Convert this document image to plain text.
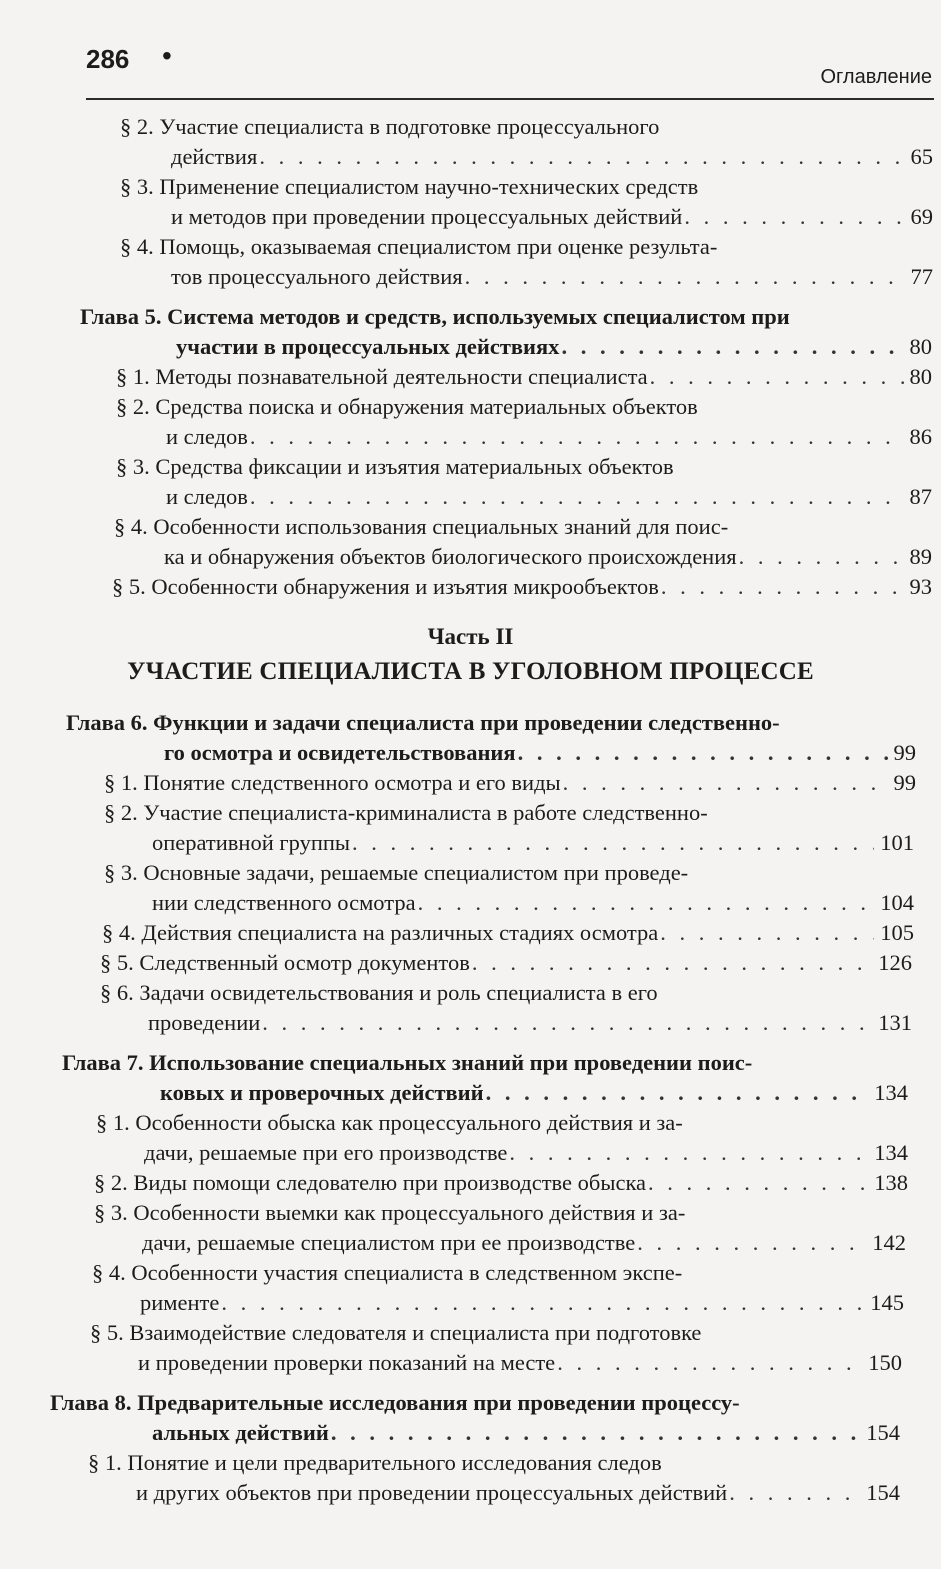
286 •
Оглавление
§ 2. Участие специалиста в подготовке процессуального
действия . . .	65
§ 3. Применение специалистом научно-технических средств
и методов при проведении процессуальных действий . . .	69
§ 4. Помощь, оказываемая специалистом при оценке результа-
тов процессуального действия . . .	77
Глава 5. Система методов и средств, используемых специалистом при
участии в процессуальных действиях . . .	80
§ 1. Методы познавательной деятельности специалиста . . .	80
§ 2. Средства поиска и обнаружения материальных объектов
и следов . . .	86
§ 3. Средства фиксации и изъятия материальных объектов
и следов . . .	87
§ 4. Особенности использования специальных знаний для поис-
ка и обнаружения объектов биологического происхождения . . .	89
§ 5. Особенности обнаружения и изъятия микрообъектов . . .	93
Глава 6. Функции и задачи специалиста при проведении следственно-
го осмотра и освидетельствования . . .	99
§ 1. Понятие следственного осмотра и его виды . . .	99
§ 2. Участие специалиста-криминалиста в работе следственно-
оперативной группы . . .	101
§ 3. Основные задачи, решаемые специалистом при проведе-
нии следственного осмотра . . .	104
§ 4. Действия специалиста на различных стадиях осмотра . . .	105
§ 5. Следственный осмотр документов . . .	126
§ 6. Задачи освидетельствования и роль специалиста в его
проведении . . .	131
Глава 7. Использование специальных знаний при проведении поис-
ковых и проверочных действий . . .	134
§ 1. Особенности обыска как процессуального действия и за-
дачи, решаемые при его производстве . . .	134
§ 2. Виды помощи следователю при производстве обыска . . .	138
§ 3. Особенности выемки как процессуального действия и за-
дачи, решаемые специалистом при ее производстве . . .	142
§ 4. Особенности участия специалиста в следственном экспе-
рименте . . .	145
§ 5. Взаимодействие следователя и специалиста при подготовке
и проведении проверки показаний на месте . . .	150
Глава 8. Предварительные исследования при проведении процессу-
альных действий . . .	154
§ 1. Понятие и цели предварительного исследования следов
и других объектов при проведении процессуальных действий . . .	154
Часть II
УЧАСТИЕ СПЕЦИАЛИСТА В УГОЛОВНОМ ПРОЦЕССЕ
